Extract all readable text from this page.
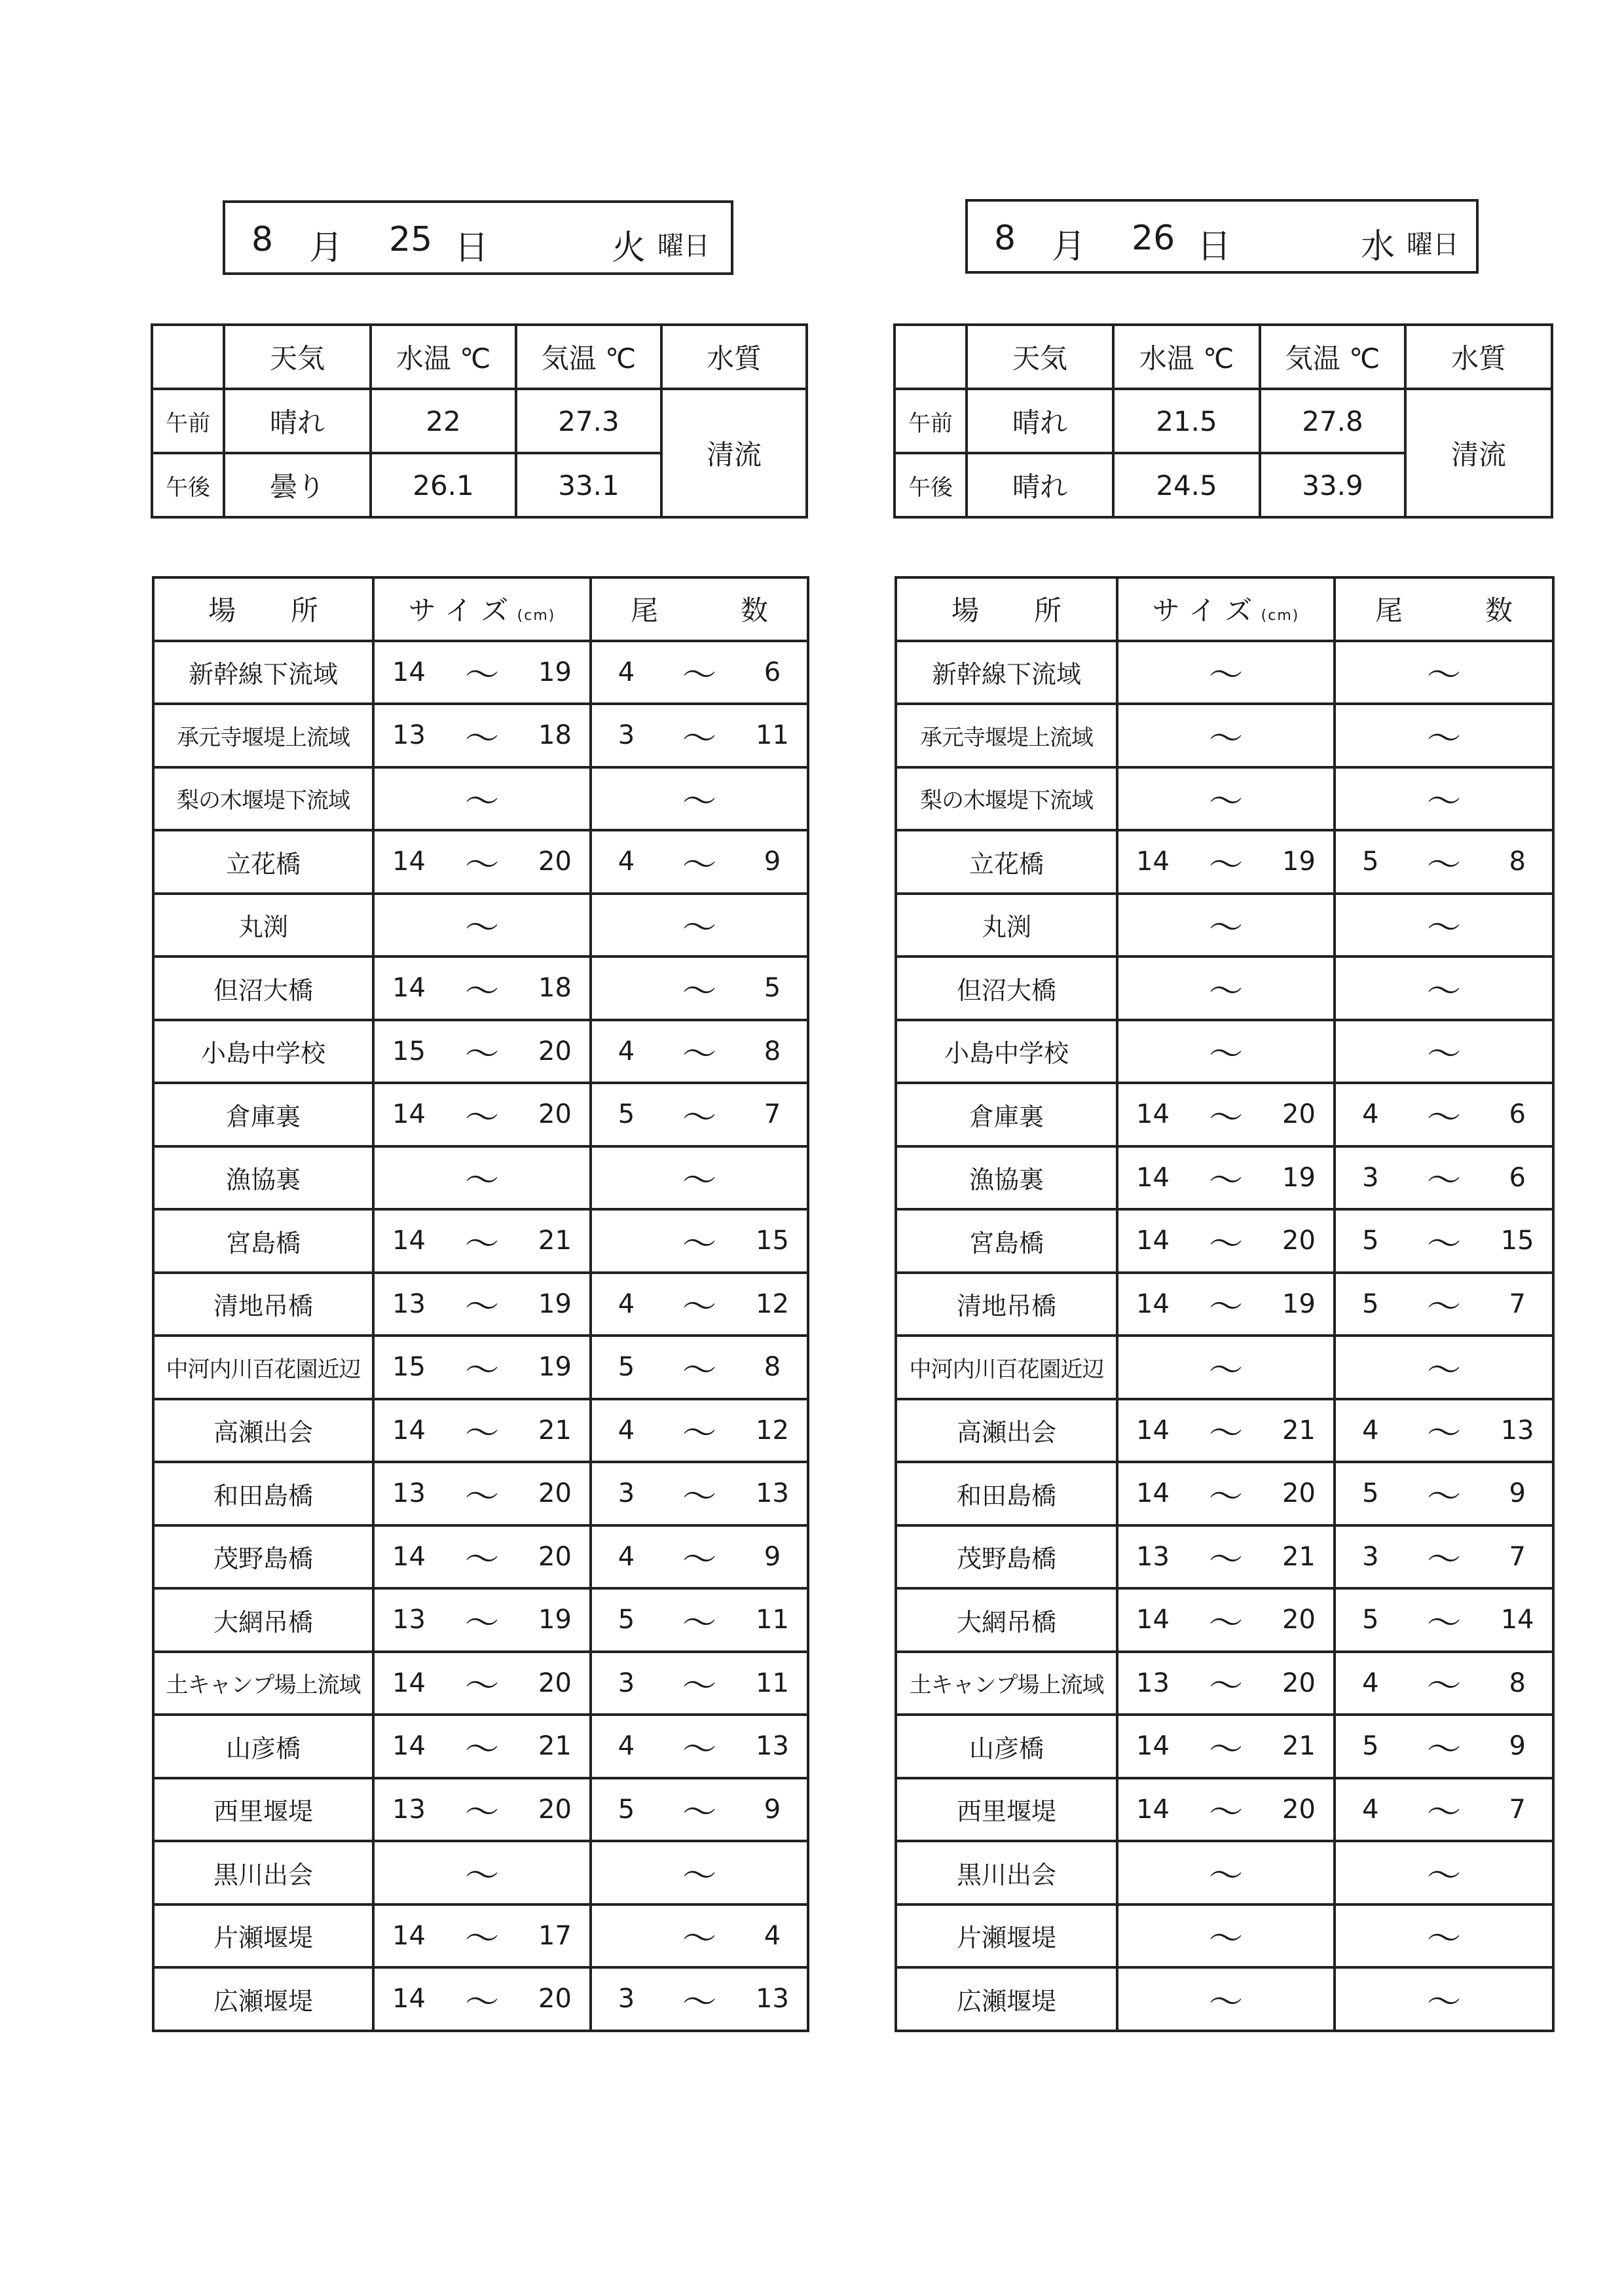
8 月 25 日	火 曜日
	天気	水温 ℃	気温 ℃	水質
午前	晴れ	22	27.3	清流
午後	曇り	26.1	33.1	
場　　所	サ イ ズ (cm)	尾　　　数
新幹線下流域	14 ～ 19	4 ～ 6

承元寺堰堤上流域	13 ～ 18	3 ～ 11

梨の木堰堤下流域	～	～

立花橋	14 ～ 20	4 ～ 9

丸渕	～	～

但沼大橋	14 ～ 18	～ 5

小島中学校	15 ～ 20	4 ～ 8

倉庫裏	14 ～ 20	5 ～ 7

漁協裏	～	～

宮島橋	14 ～ 21	～ 15

清地吊橋	13 ～ 19	4 ～ 12

中河内川百花園近辺	15 ～ 19	5 ～ 8

高瀬出会	14 ～ 21	4 ～ 12

和田島橋	13 ～ 20	3 ～ 13

茂野島橋	14 ～ 20	4 ～ 9

大網吊橋	13 ～ 19	5 ～ 11

土キャンプ場上流域	14 ～ 20	3 ～ 11

山彦橋	14 ～ 21	4 ～ 13

西里堰堤	13 ～ 20	5 ～ 9

黒川出会	～	～

片瀬堰堤	14 ～ 17	～ 4

広瀬堰堤	14 ～ 20	3 ～ 13
8 月 26 日	水 曜日
	天気	水温 ℃	気温 ℃	水質
午前	晴れ	21.5	27.8	清流
午後	晴れ	24.5	33.9	
場　　所	サ イ ズ (cm)	尾　　　数
新幹線下流域	～	～

承元寺堰堤上流域	～	～

梨の木堰堤下流域	～	～

立花橋	14 ～ 19	5 ～ 8

丸渕	～	～

但沼大橋	～	～

小島中学校	～	～

倉庫裏	14 ～ 20	4 ～ 6

漁協裏	14 ～ 19	3 ～ 6

宮島橋	14 ～ 20	5 ～ 15

清地吊橋	14 ～ 19	5 ～ 7

中河内川百花園近辺	～	～

高瀬出会	14 ～ 21	4 ～ 13

和田島橋	14 ～ 20	5 ～ 9

茂野島橋	13 ～ 21	3 ～ 7

大網吊橋	14 ～ 20	5 ～ 14

土キャンプ場上流域	13 ～ 20	4 ～ 8

山彦橋	14 ～ 21	5 ～ 9

西里堰堤	14 ～ 20	4 ～ 7

黒川出会	～	～

片瀬堰堤	～	～

広瀬堰堤	～	～
